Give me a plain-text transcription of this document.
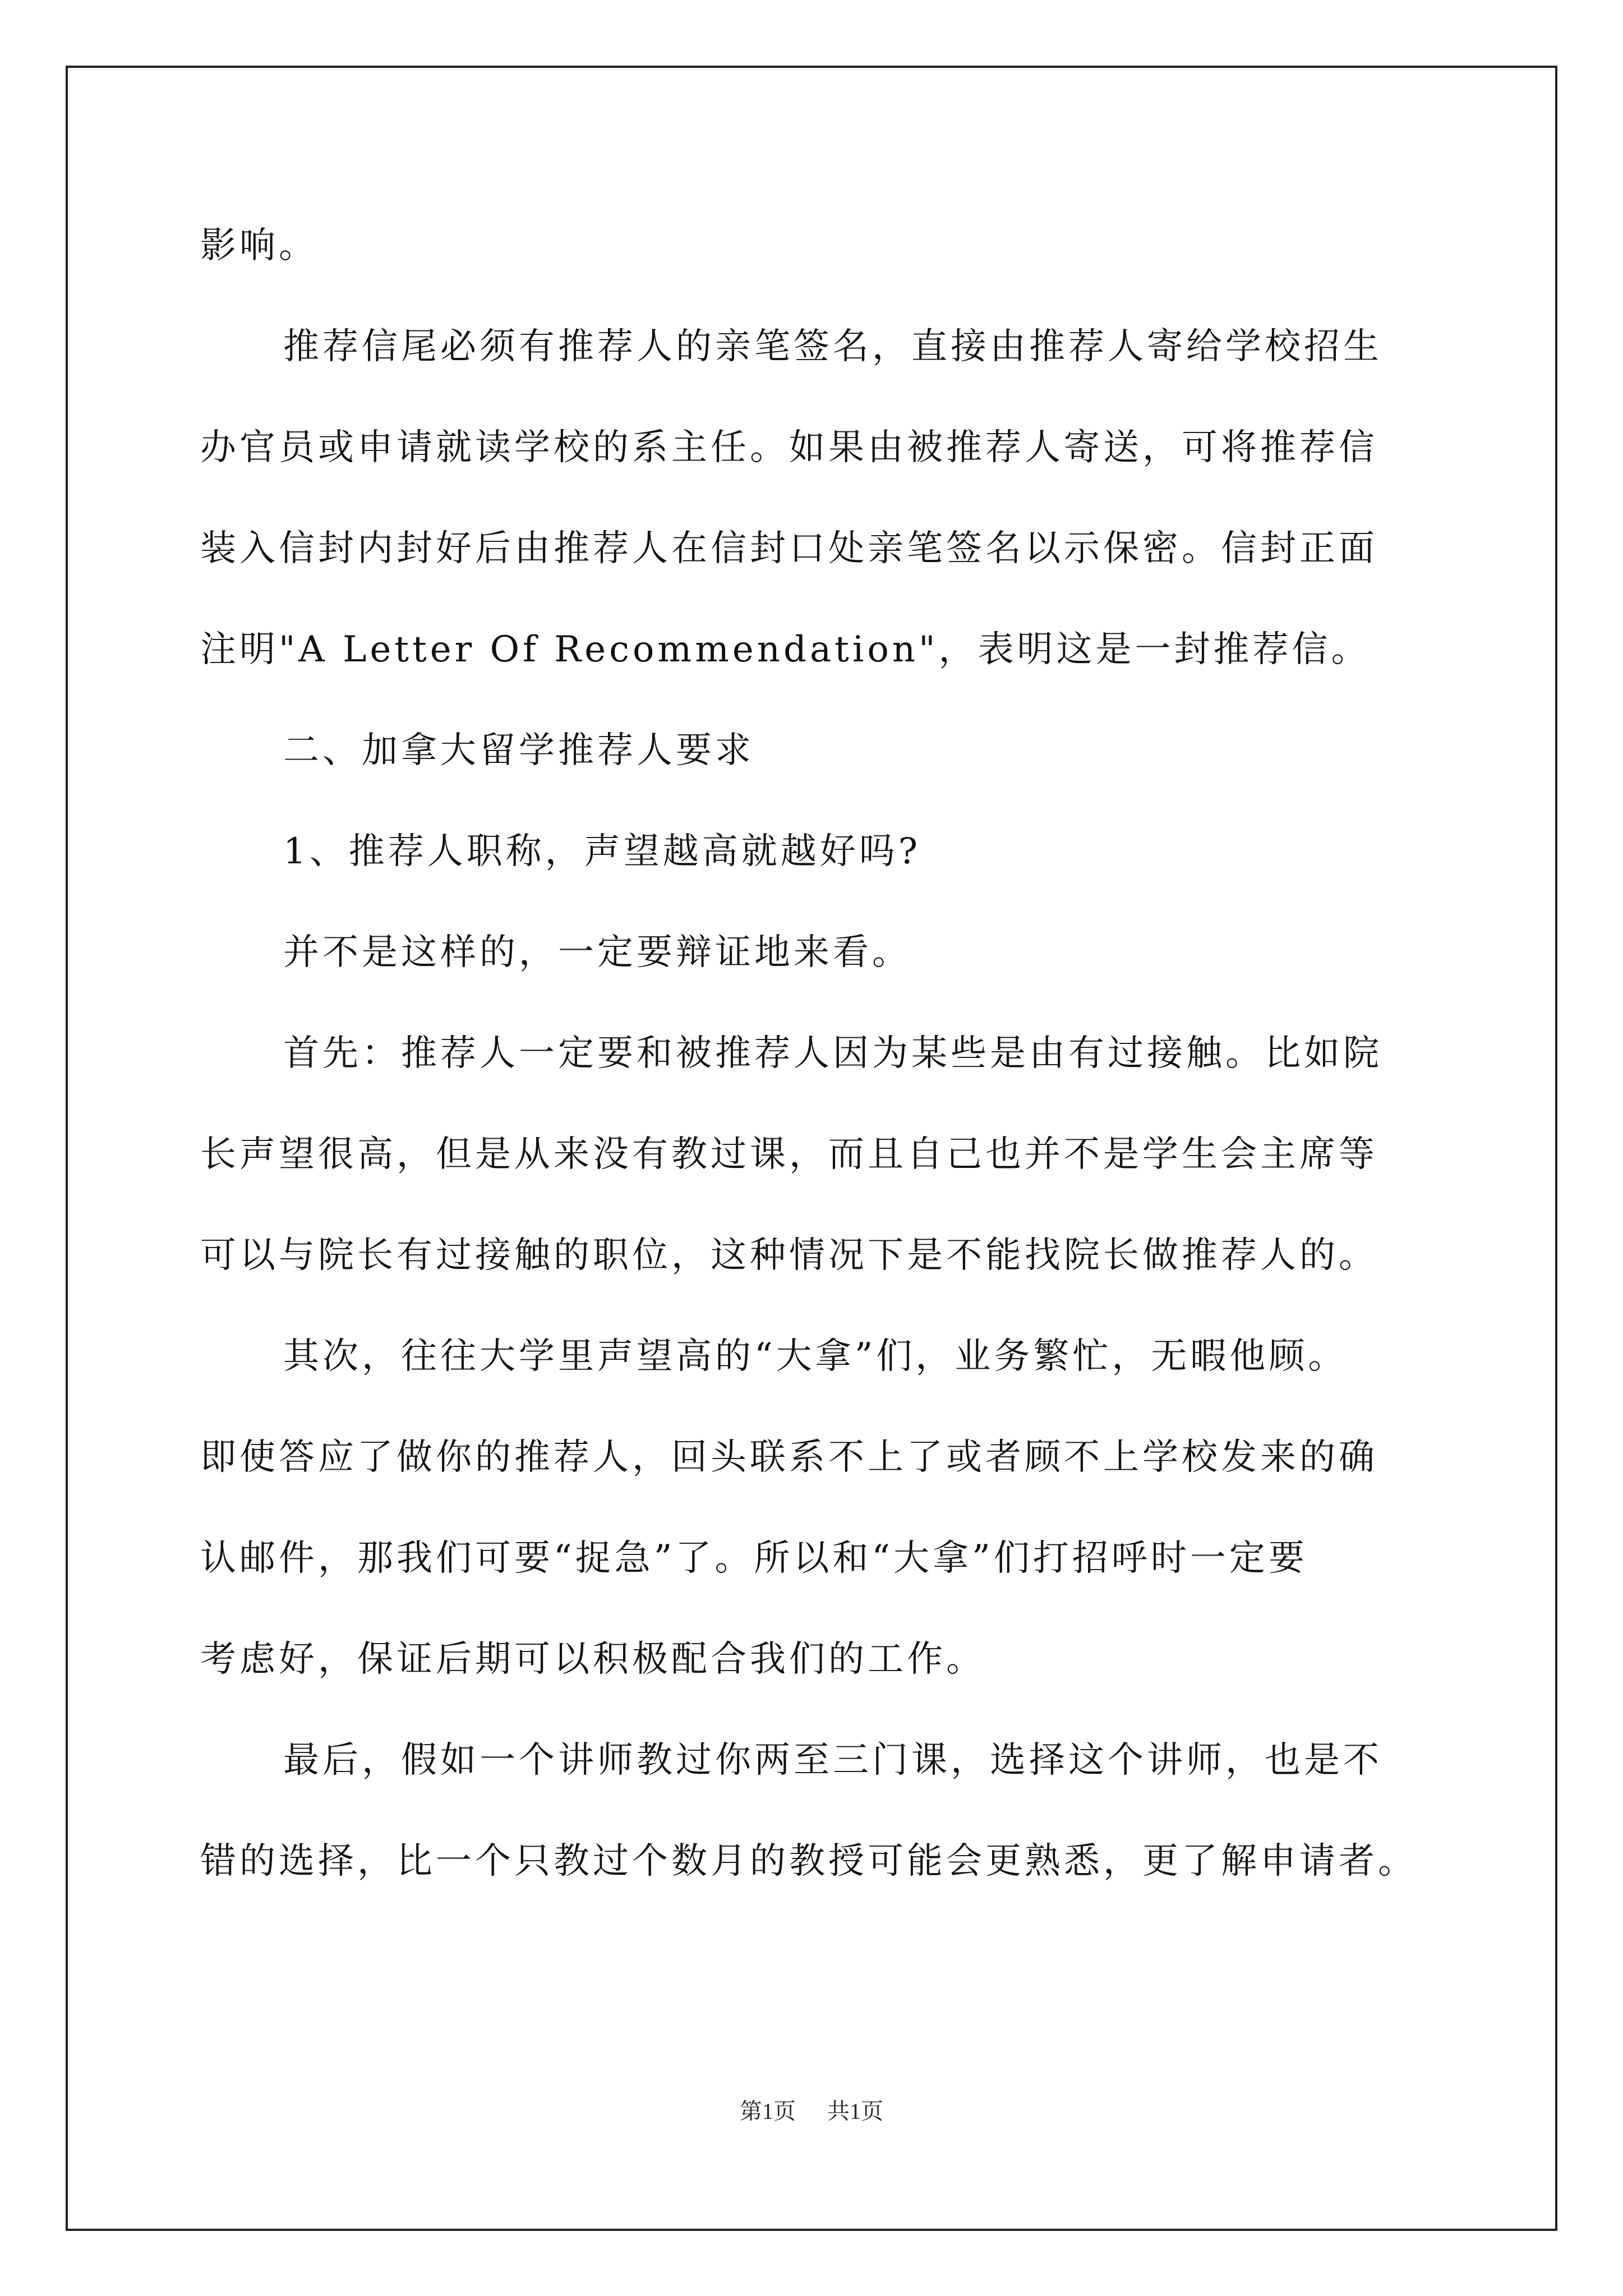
影响。
推荐信尾必须有推荐人的亲笔签名，直接由推荐人寄给学校招生
办官员或申请就读学校的系主任。如果由被推荐人寄送，可将推荐信
装入信封内封好后由推荐人在信封口处亲笔签名以示保密。信封正面
注明"A Letter Of Recommendation"，表明这是一封推荐信。
二、加拿大留学推荐人要求
1、推荐人职称，声望越高就越好吗?
并不是这样的，一定要辩证地来看。
首先：推荐人一定要和被推荐人因为某些是由有过接触。比如院
长声望很高，但是从来没有教过课，而且自己也并不是学生会主席等
可以与院长有过接触的职位，这种情况下是不能找院长做推荐人的。
其次，往往大学里声望高的“大拿”们，业务繁忙，无暇他顾。
即使答应了做你的推荐人，回头联系不上了或者顾不上学校发来的确
认邮件，那我们可要“捉急”了。所以和“大拿”们打招呼时一定要
考虑好，保证后期可以积极配合我们的工作。
最后，假如一个讲师教过你两至三门课，选择这个讲师，也是不
错的选择，比一个只教过个数月的教授可能会更熟悉，更了解申请者。
第1页 共1页
